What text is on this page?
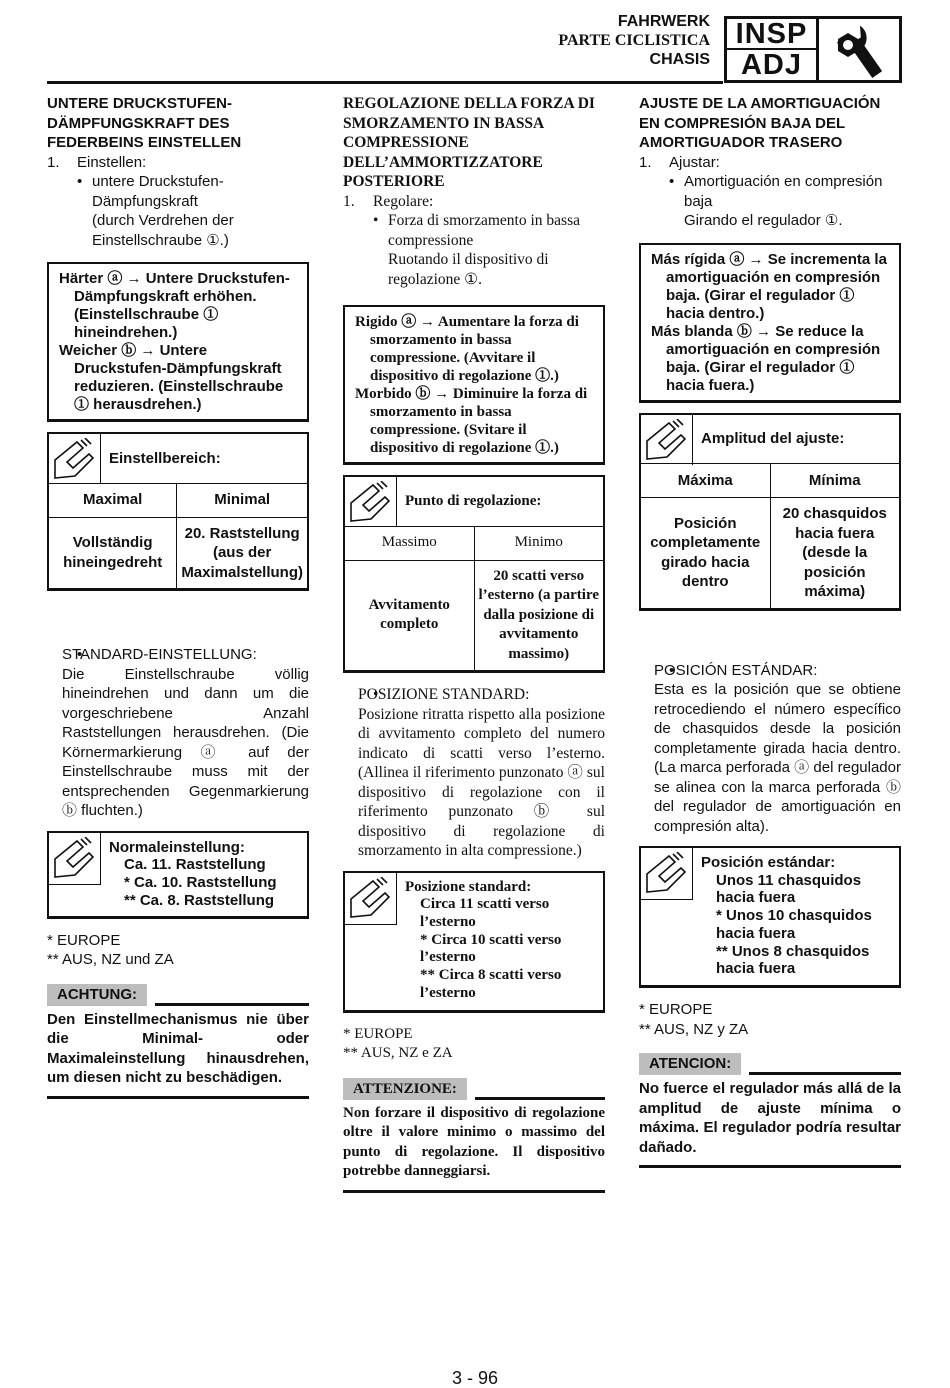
FAHRWERK
PARTE CICLISTICA
CHASIS
INSP
ADJ
UNTERE DRUCKSTUFEN-DÄMPFUNGSKRAFT DES FEDERBEINS EINSTELLEN
1. Einstellen:
• untere Druckstufen-Dämpfungskraft
(durch Verdrehen der Einstellschraube ①.)
Härter ⓐ → Untere Druckstufen-Dämpfungskraft erhöhen. (Einstellschraube ① hineindrehen.)
Weicher ⓑ → Untere Druckstufen-Dämpfungskraft reduzieren. (Einstellschraube ① herausdrehen.)
Einstellbereich:	
Maximal	Minimal
Vollständig hineingedreht	20. Raststellung (aus der Maximalstellung)
• STANDARD-EINSTELLUNG:
Die Einstellschraube völlig hineindrehen und dann um die vorgeschriebene Anzahl Raststellungen herausdrehen. (Die Körnermarkierung ⓐ auf der Einstellschraube muss mit der entsprechenden Gegenmarkierung ⓑ fluchten.)
Normaleinstellung:
Ca. 11. Raststellung
* Ca. 10. Raststellung
** Ca. 8. Raststellung
* EUROPE
** AUS, NZ und ZA
ACHTUNG:
Den Einstellmechanismus nie über die Minimal- oder Maximaleinstellung hinausdrehen, um diesen nicht zu beschädigen.
REGOLAZIONE DELLA FORZA DI SMORZAMENTO IN BASSA COMPRESSIONE DELL’AMMORTIZZATORE POSTERIORE
1. Regolare:
• Forza di smorzamento in bassa compressione
Ruotando il dispositivo di regolazione ①.
Rigido ⓐ → Aumentare la forza di smorzamento in bassa compressione. (Avvitare il dispositivo di regolazione ①.)
Morbido ⓑ → Diminuire la forza di smorzamento in bassa compressione. (Svitare il dispositivo di regolazione ①.)
Punto di regolazione:	
Massimo	Minimo
Avvitamento completo	20 scatti verso l’esterno (a partire dalla posizione di avvitamento massimo)
• POSIZIONE STANDARD:
Posizione ritratta rispetto alla posizione di avvitamento completo del numero indicato di scatti verso l’esterno. (Allinea il riferimento punzonato ⓐ sul dispositivo di regolazione con il riferimento punzonato ⓑ sul dispositivo di regolazione di smorzamento in alta compressione.)
Posizione standard:
Circa 11 scatti verso l’esterno
* Circa 10 scatti verso l’esterno
** Circa 8 scatti verso l’esterno
* EUROPE
** AUS, NZ e ZA
ATTENZIONE:
Non forzare il dispositivo di regolazione oltre il valore minimo o massimo del punto di regolazione. Il dispositivo potrebbe danneggiarsi.
AJUSTE DE LA AMORTIGUACIÓN EN COMPRESIÓN BAJA DEL AMORTIGUADOR TRASERO
1. Ajustar:
• Amortiguación en compresión baja
Girando el regulador ①.
Más rígida ⓐ → Se incrementa la amortiguación en compresión baja. (Girar el regulador ① hacia dentro.)
Más blanda ⓑ → Se reduce la amortiguación en compresión baja. (Girar el regulador ① hacia fuera.)
Amplitud del ajuste:	
Máxima	Mínima
Posición completamente girado hacia dentro	20 chasquidos hacia fuera (desde la posición máxima)
• POSICIÓN ESTÁNDAR:
Esta es la posición que se obtiene retrocediendo el número específico de chasquidos desde la posición completamente girada hacia dentro. (La marca perforada ⓐ del regulador se alinea con la marca perforada ⓑ del regulador de amortiguación en compresión alta).
Posición estándar:
Unos 11 chasquidos hacia fuera
* Unos 10 chasquidos hacia fuera
** Unos 8 chasquidos hacia fuera
* EUROPE
** AUS, NZ y ZA
ATENCION:
No fuerce el regulador más allá de la amplitud de ajuste mínima o máxima. El regulador podría resultar dañado.
3 - 96
